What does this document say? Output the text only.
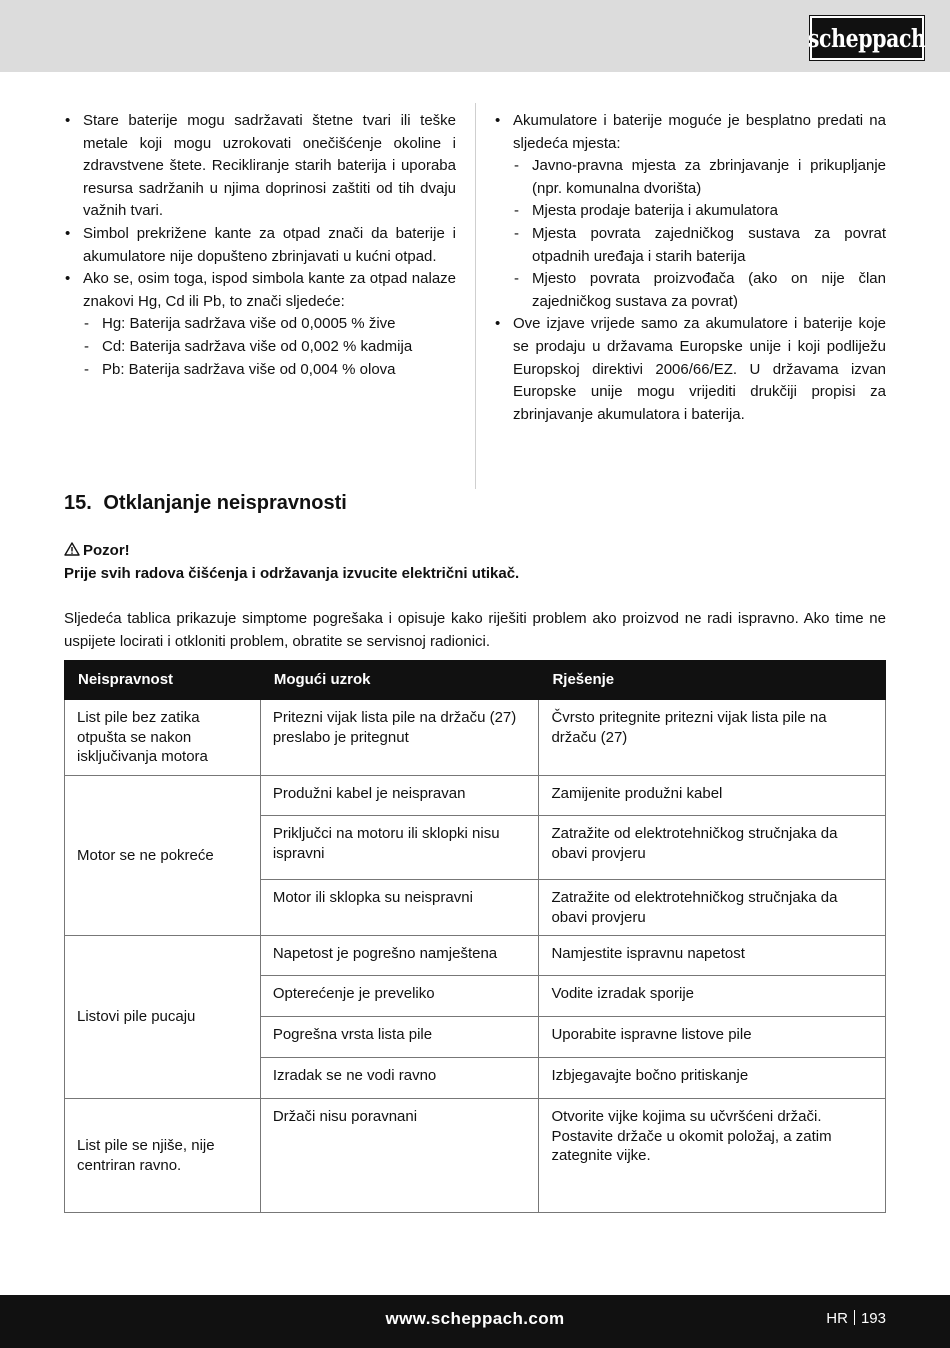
scheppach
• Stare baterije mogu sadržavati štetne tvari ili teške metale koji mogu uzrokovati onečišćenje okoline i zdravstvene štete. Recikliranje starih baterija i uporaba resursa sadržanih u njima doprinosi zaštiti od tih dvaju važnih tvari.
• Simbol prekrižene kante za otpad znači da baterije i akumulatore nije dopušteno zbrinjavati u kućni otpad.
• Ako se, osim toga, ispod simbola kante za otpad nalaze znakovi Hg, Cd ili Pb, to znači sljedeće:
- Hg: Baterija sadržava više od 0,0005 % žive
- Cd: Baterija sadržava više od 0,002 % kadmija
- Pb: Baterija sadržava više od 0,004 % olova
• Akumulatore i baterije moguće je besplatno predati na sljedeća mjesta:
- Javno-pravna mjesta za zbrinjavanje i prikupljanje (npr. komunalna dvorišta)
- Mjesta prodaje baterija i akumulatora
- Mjesta povrata zajedničkog sustava za povrat otpadnih uređaja i starih baterija
- Mjesto povrata proizvođača (ako on nije član zajedničkog sustava za povrat)
• Ove izjave vrijede samo za akumulatore i baterije koje se prodaju u državama Europske unije i koji podliježu Europskoj direktivi 2006/66/EZ. U državama izvan Europske unije mogu vrijediti drukčiji propisi za zbrinjavanje akumulatora i baterija.
15. Otklanjanje neispravnosti
Pozor!
Prije svih radova čišćenja i održavanja izvucite električni utikač.
Sljedeća tablica prikazuje simptome pogrešaka i opisuje kako riješiti problem ako proizvod ne radi ispravno. Ako time ne uspijete locirati i otkloniti problem, obratite se servisnoj radionici.
Neispravnost	Mogući uzrok	Rješenje
List pile bez zatika otpušta se nakon isključivanja motora	Pritezni vijak lista pile na držaču (27) preslabo je pritegnut	Čvrsto pritegnite pritezni vijak lista pile na držaču (27)
Motor se ne pokreće	Produžni kabel je neispravan	Zamijenite produžni kabel
	Priključci na motoru ili sklopki nisu ispravni	Zatražite od elektrotehničkog stručnjaka da obavi provjeru
	Motor ili sklopka su neispravni	Zatražite od elektrotehničkog stručnjaka da obavi provjeru
Listovi pile pucaju	Napetost je pogrešno namještena	Namjestite ispravnu napetost
	Opterećenje je preveliko	Vodite izradak sporije
	Pogrešna vrsta lista pile	Uporabite ispravne listove pile
	Izradak se ne vodi ravno	Izbjegavajte bočno pritiskanje
List pile se njiše, nije centriran ravno.	Držači nisu poravnani	Otvorite vijke kojima su učvršćeni držači. Postavite držače u okomit položaj, a zatim zategnite vijke.
www.scheppach.com	HR 193
